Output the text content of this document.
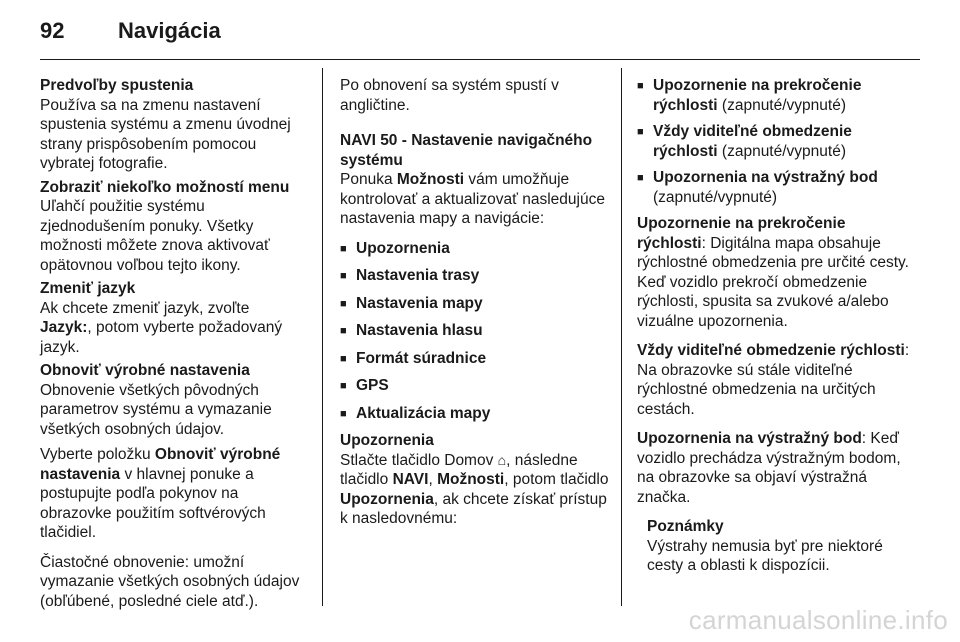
92	Navigácia
Predvoľby spustenia
Používa sa na zmenu nastavení spustenia systému a zmenu úvodnej strany prispôsobením pomocou vybratej fotografie.
Zobraziť niekoľko možností menu
Uľahčí použitie systému zjednodušením ponuky. Všetky možnosti môžete znova aktivovať opätovnou voľbou tejto ikony.
Zmeniť jazyk
Ak chcete zmeniť jazyk, zvoľte
Jazyk:, potom vyberte požadovaný jazyk.
Obnoviť výrobné nastavenia
Obnovenie všetkých pôvodných parametrov systému a vymazanie všetkých osobných údajov.

Vyberte položku Obnoviť výrobné nastavenia v hlavnej ponuke a postupujte podľa pokynov na obrazovke použitím softvérových tlačidiel.

Čiastočné obnovenie: umožní vymazanie všetkých osobných údajov (obľúbené, posledné ciele atď.).

Po obnovení sa systém spustí v angličtine.

NAVI 50 - Nastavenie navigačného systému
Ponuka Možnosti vám umožňuje kontrolovať a aktualizovať nasledujúce nastavenia mapy a navigácie:
■ Upozornenia
■ Nastavenia trasy
■ Nastavenia mapy
■ Nastavenia hlasu
■ Formát súradnice
■ GPS
■ Aktualizácia mapy
Upozornenia
Stlačte tlačidlo Domov ⌂, následne tlačidlo NAVI, Možnosti, potom tlačidlo Upozornenia, ak chcete získať prístup k nasledovnému:
■ Upozornenie na prekročenie rýchlosti (zapnuté/vypnuté)
■ Vždy viditeľné obmedzenie rýchlosti (zapnuté/vypnuté)
■ Upozornenia na výstražný bod
(zapnuté/vypnuté)

Upozornenie na prekročenie rýchlosti: Digitálna mapa obsahuje rýchlostné obmedzenia pre určité cesty. Keď vozidlo prekročí obmedzenie rýchlosti, spusita sa zvukové a/alebo vizuálne upozornenia.

Vždy viditeľné obmedzenie rýchlosti: Na obrazovke sú stále viditeľné rýchlostné obmedzenia na určitých cestách.

Upozornenia na výstražný bod: Keď vozidlo prechádza výstražným bodom, na obrazovke sa objaví výstražná značka.

Poznámky
Výstrahy nemusia byť pre niektoré cesty a oblasti k dispozícii.
carmanualsonline.info
